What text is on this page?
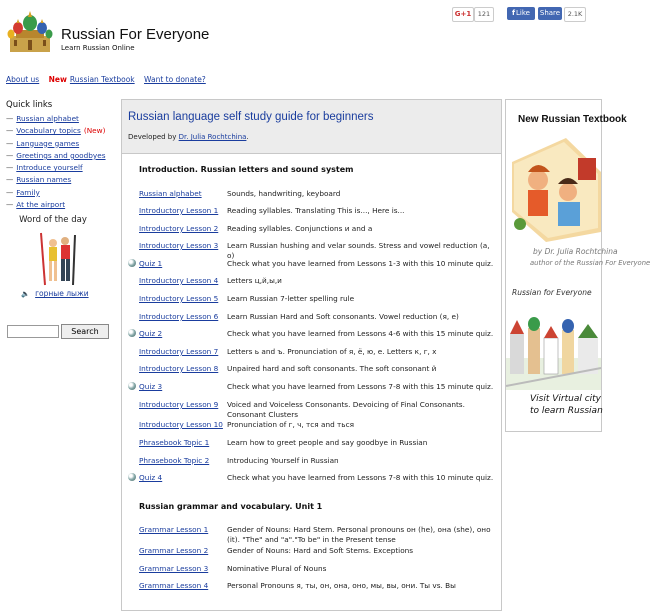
Russian For Everyone
Learn Russian Online
G+1	121	fLike	Share	2.1K
About us New Russian Textbook Want to donate?
Quick links
— Russian alphabet
— Vocabulary topics (New)
— Language games
— Greetings and goodbyes
— Introduce yourself
— Russian names
— Family
— At the airport
Word of the day
🔈 горные лыжи
Search
Russian language self study guide for beginners
Developed by Dr. Julia Rochtchina.
Introduction. Russian letters and sound system
Russian alphabet	Sounds, handwriting, keyboard
Introductory Lesson 1 Reading syllables. Translating This is..., Here is...
Introductory Lesson 2 Reading syllables. Conjunctions и and а
Introductory Lesson 3 Learn Russian hushing and velar sounds. Stress and vowel reduction (а, о)
Quiz 1	Check what you have learned from Lessons 1-3 with this 10 minute quiz.
Introductory Lesson 4 Letters ц,й,ы,и
Introductory Lesson 5 Learn Russian 7-letter spelling rule
Introductory Lesson 6 Learn Russian Hard and Soft consonants. Vowel reduction (я, е)
Quiz 2	Check what you have learned from Lessons 4-6 with this 15 minute quiz.
Introductory Lesson 7 Letters ь and ъ. Pronunciation of я, ё, ю, е. Letters к, г, х
Introductory Lesson 8 Unpaired hard and soft consonants. The soft consonant й
Quiz 3	Check what you have learned from Lessons 7-8 with this 15 minute quiz.
Introductory Lesson 9 Voiced and Voiceless Consonants. Devoicing of Final Consonants. Consonant Clusters
Introductory Lesson 10 Pronunciation of г, ч, тся and ться
Phrasebook Topic 1 Learn how to greet people and say goodbye in Russian
Phrasebook Topic 2 Introducing Yourself in Russian
Quiz 4	Check what you have learned from Lessons 7-8 with this 10 minute quiz.
Russian grammar and vocabulary. Unit 1
Grammar Lesson 1	Gender of Nouns: Hard Stem. Personal pronouns он (he), она (she), оно (it). "The" and "a"."To be" in the Present tense
Grammar Lesson 2	Gender of Nouns: Hard and Soft Stems. Exceptions
Grammar Lesson 3	Nominative Plural of Nouns
Grammar Lesson 4	Personal Pronouns я, ты, он, она, оно, мы, вы, они. Ты vs. Вы
New Russian Textbook
by Dr. Julia Rochtchina
author of the Russian For Everyone
Russian for Everyone
Visit Virtual city
to learn Russian
